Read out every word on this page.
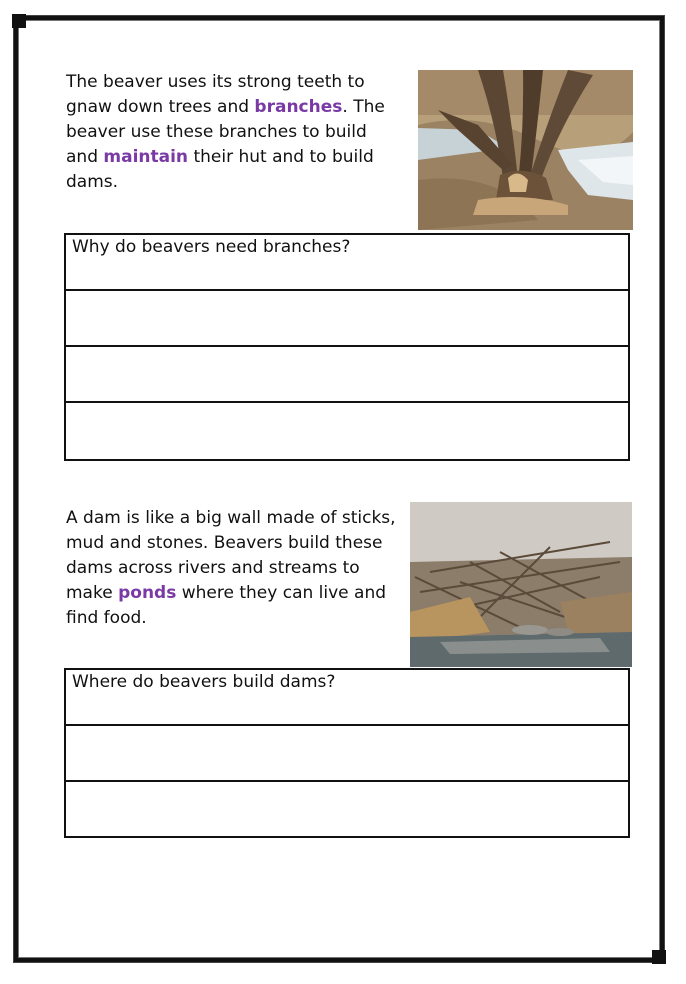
The beaver uses its strong teeth to gnaw down trees and branches. The beaver use these branches to build and maintain their hut and to build dams.

Why do beavers need branches?

A dam is like a big wall made of sticks, mud and stones. Beavers build these dams across rivers and streams to make ponds where they can live and find food.

Where do beavers build dams?
